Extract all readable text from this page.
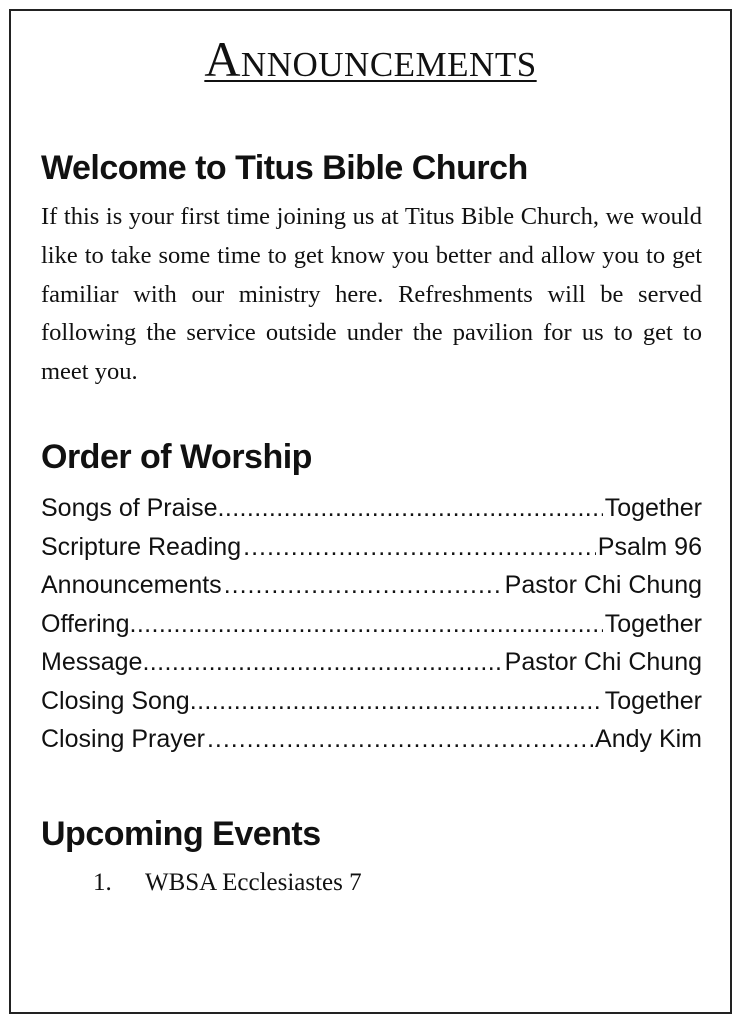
Announcements
Welcome to Titus Bible Church

If this is your first time joining us at Titus Bible Church, we would like to take some time to get know you better and allow you to get familiar with our ministry here. Refreshments will be served following the service outside under the pavilion for us to get to meet you.

Order of Worship
Songs of Praise .....	Together
Scripture Reading .....	Psalm 96
Announcements .....	Pastor Chi Chung
Offering .....	Together
Message .....	Pastor Chi Chung
Closing Song .....	Together
Closing Prayer .....	Andy Kim
Upcoming Events
1.	WBSA Ecclesiastes 7
